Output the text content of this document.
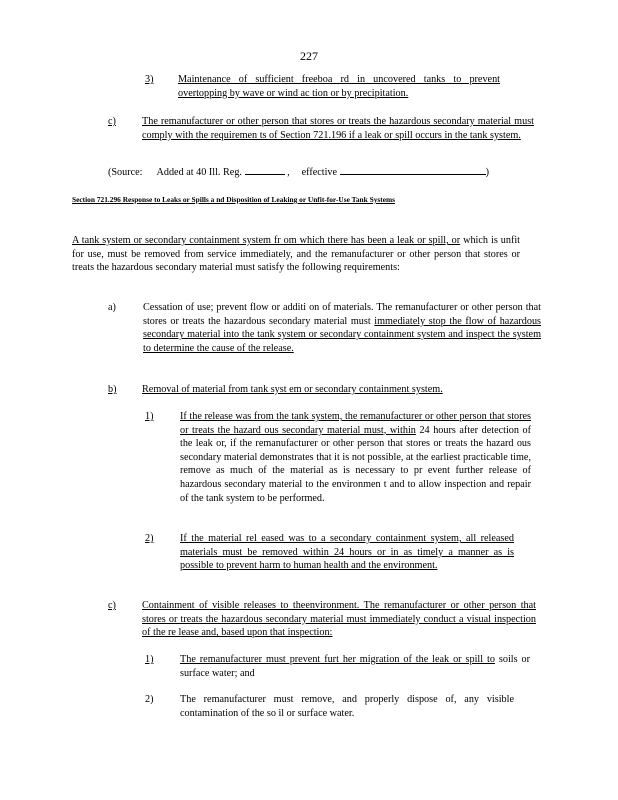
227
3) Maintenance of sufficient freeboa rd in uncovered tanks to prevent overtopping by wave or wind ac tion or by precipitation.
c)	The remanufacturer or other person that stores or treats the hazardous secondary material must comply with the requiremen ts of Section 721.196 if a leak or spill occurs in the tank system.
(Source: Added at 40 Ill. Reg.	, effective	)
Section 721.296 Response to Leaks or Spills a nd Disposition of Leaking or Unfit-for-Use Tank Systems
A tank system or secondary containment system fr om which there has been a leak or spill, or which is unfit for use, must be removed from service immediately, and the remanufacturer or other person that stores or treats the hazardous secondary material must satisfy the following requirements:
a)	Cessation of use; prevent flow or additi on of materials. The remanufacturer or other person that stores or treats the hazardous secondary material must immediately stop the flow of hazardous secondary material into the tank system or secondary containment system and inspect the system to determine the cause of the release.
b)	Removal of material from tank syst em or secondary containment system.
1)	If the release was from the tank system, the remanufacturer or other person that stores or treats the hazard ous secondary material must, within 24 hours after detection of the leak or, if the remanufacturer or other person that stores or treats the hazard ous secondary material demonstrates that it is not possible, at the earliest practicable time, remove as much of the material as is necessary to pr event further release of hazardous secondary material to the environmen t and to allow inspection and repair of the tank system to be performed.
2)	If the material rel eased was to a secondary containment system, all released materials must be removed within 24 hours or in as timely a manner as is possible to prevent harm to human health and the environment.
c)	Containment of visible releases to theenvironment. The remanufacturer or other person that stores or treats the hazardous secondary material must immediately conduct a visual inspection of the re lease and, based upon that inspection:
1)	The remanufacturer must prevent furt her migration of the leak or spill to soils or surface water; and
2)	The remanufacturer must remove, and properly dispose of, any visible contamination of the so il or surface water.
